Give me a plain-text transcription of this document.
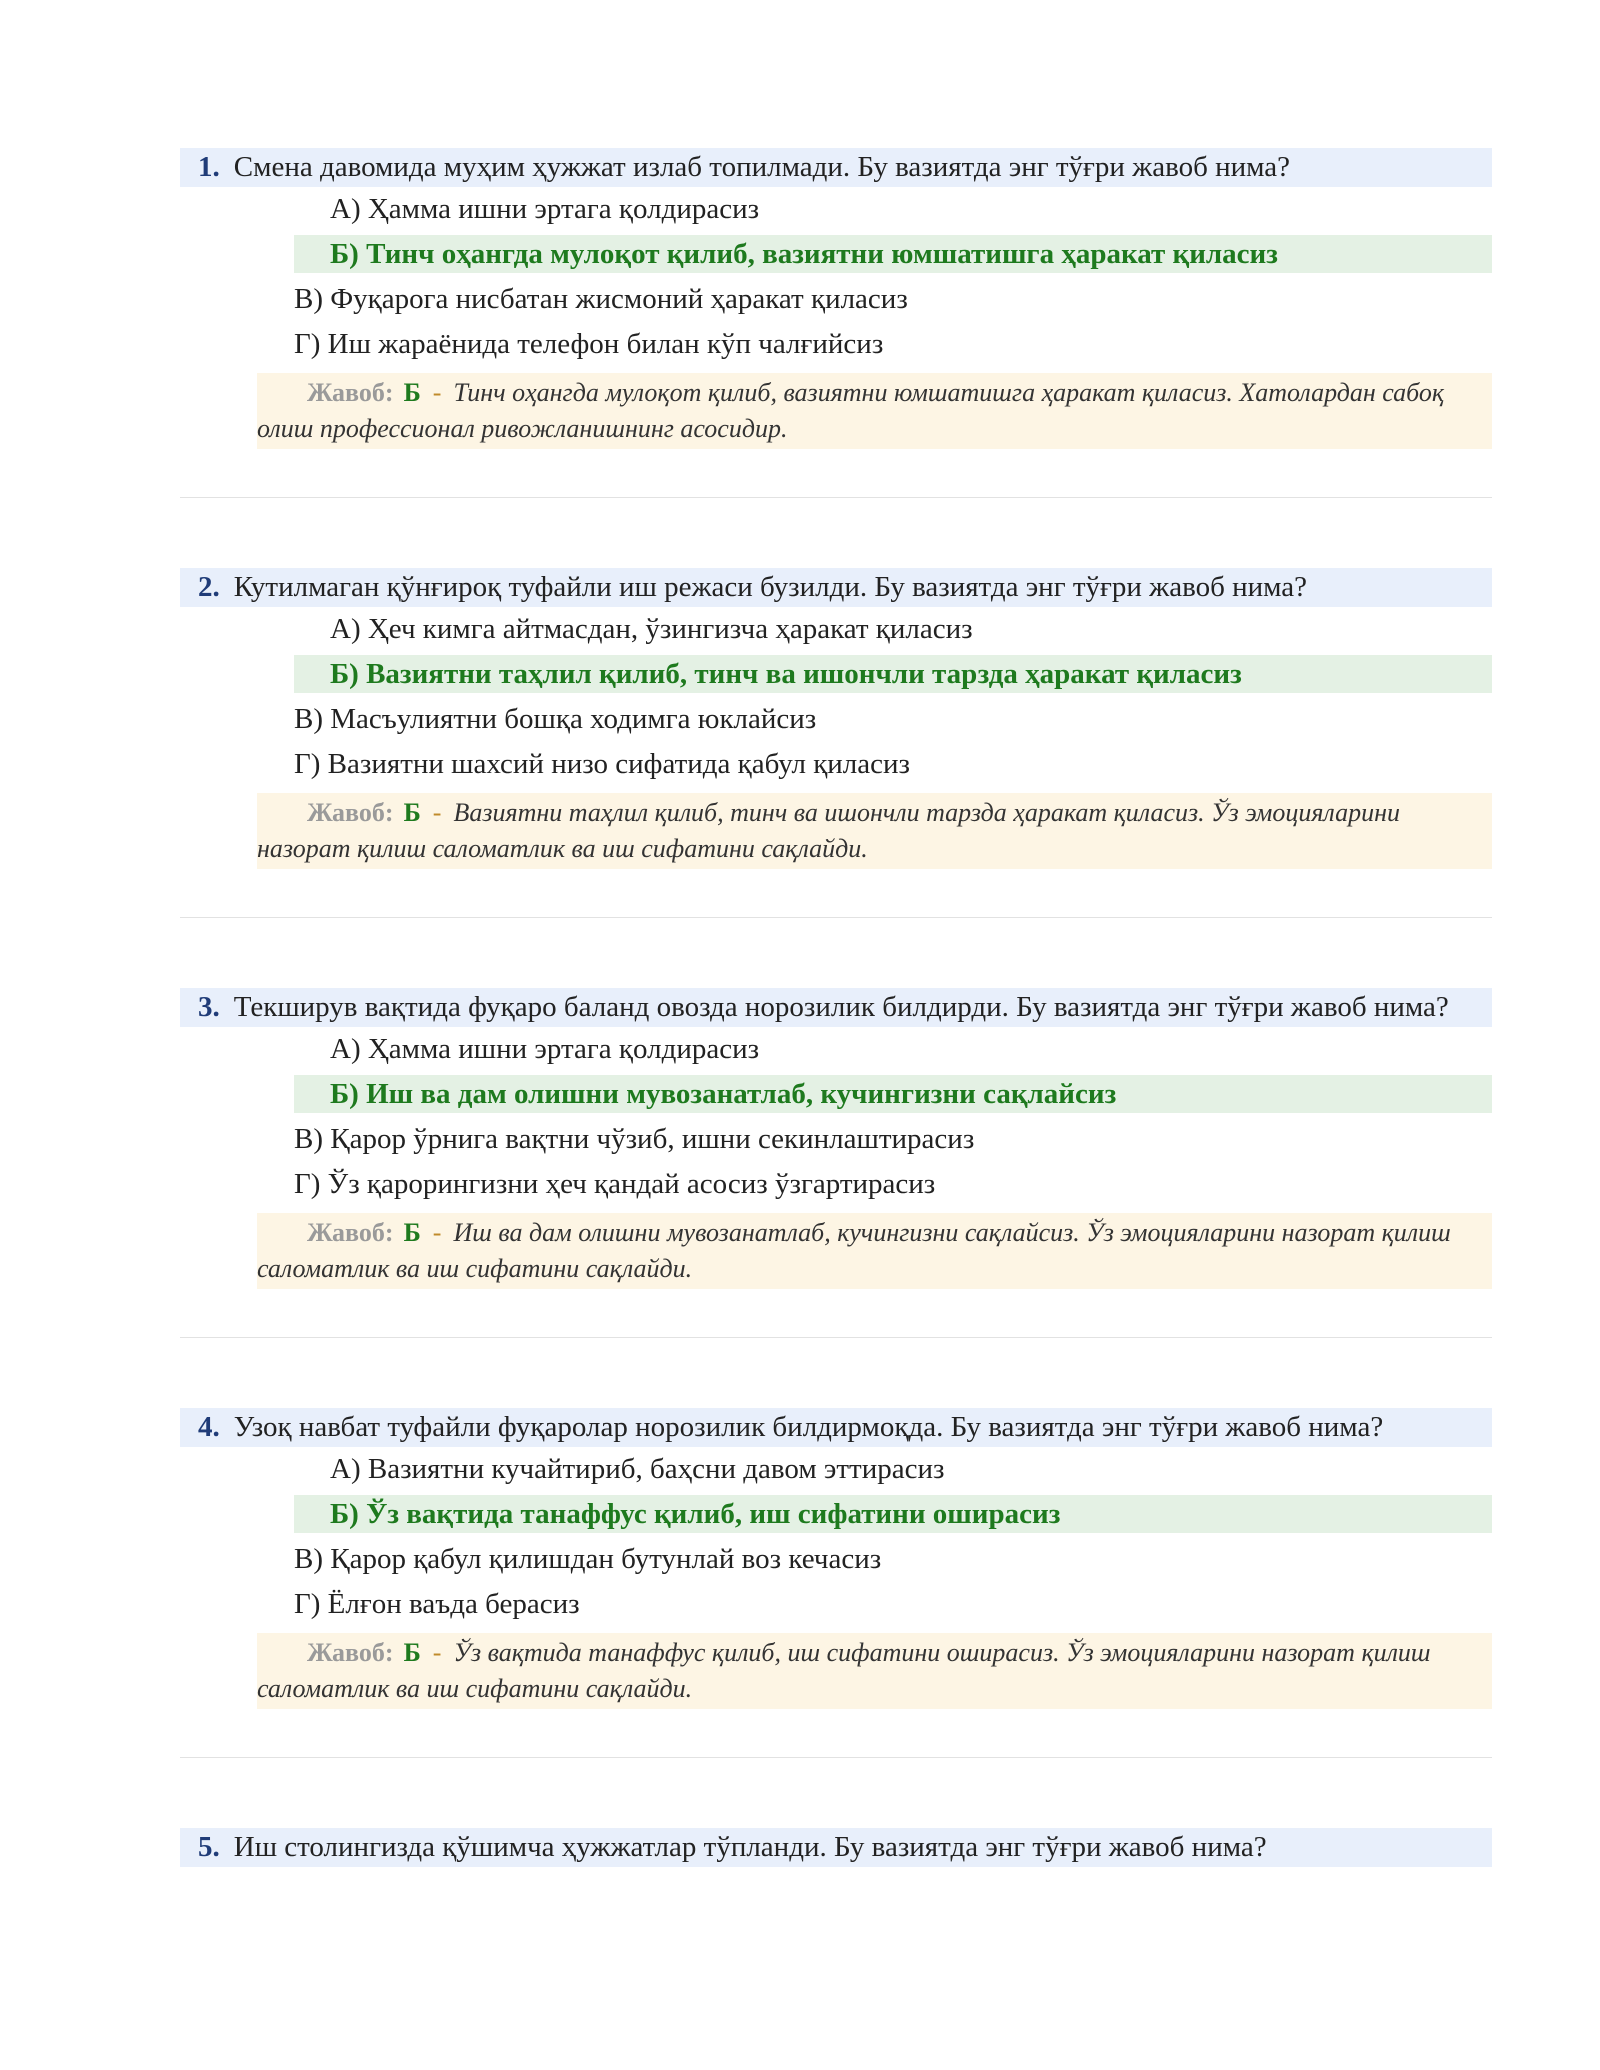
1. Смена давомида муҳим ҳужжат излаб топилмади. Бу вазиятда энг тўғри жавоб нима?
А) Ҳамма ишни эртага қолдирасиз
Б) Тинч оҳангда мулоқот қилиб, вазиятни юмшатишга ҳаракат қиласиз
В) Фуқарога нисбатан жисмоний ҳаракат қиласиз
Г) Иш жараёнида телефон билан кўп чалғийсиз
Жавоб: Б - Тинч оҳангда мулоқот қилиб, вазиятни юмшатишга ҳаракат қиласиз. Хатолардан сабоқ олиш профессионал ривожланишнинг асосидир.
2. Кутилмаган қўнғироқ туфайли иш режаси бузилди. Бу вазиятда энг тўғри жавоб нима?
А) Ҳеч кимга айтмасдан, ўзингизча ҳаракат қиласиз
Б) Вазиятни таҳлил қилиб, тинч ва ишончли тарзда ҳаракат қиласиз
В) Масъулиятни бошқа ходимга юклайсиз
Г) Вазиятни шахсий низо сифатида қабул қиласиз
Жавоб: Б - Вазиятни таҳлил қилиб, тинч ва ишончли тарзда ҳаракат қиласиз. Ўз эмоцияларини назорат қилиш саломатлик ва иш сифатини сақлайди.
3. Текширув вақтида фуқаро баланд овозда норозилик билдирди. Бу вазиятда энг тўғри жавоб нима?
А) Ҳамма ишни эртага қолдирасиз
Б) Иш ва дам олишни мувозанатлаб, кучингизни сақлайсиз
В) Қарор ўрнига вақтни чўзиб, ишни секинлаштирасиз
Г) Ўз қарорингизни ҳеч қандай асосиз ўзгартирасиз
Жавоб: Б - Иш ва дам олишни мувозанатлаб, кучингизни сақлайсиз. Ўз эмоцияларини назорат қилиш саломатлик ва иш сифатини сақлайди.
4. Узоқ навбат туфайли фуқаролар норозилик билдирмоқда. Бу вазиятда энг тўғри жавоб нима?
А) Вазиятни кучайтириб, баҳсни давом эттирасиз
Б) Ўз вақтида танаффус қилиб, иш сифатини оширасиз
В) Қарор қабул қилишдан бутунлай воз кечасиз
Г) Ёлғон ваъда берасиз
Жавоб: Б - Ўз вақтида танаффус қилиб, иш сифатини оширасиз. Ўз эмоцияларини назорат қилиш саломатлик ва иш сифатини сақлайди.
5. Иш столингизда қўшимча ҳужжатлар тўпланди. Бу вазиятда энг тўғри жавоб нима?
